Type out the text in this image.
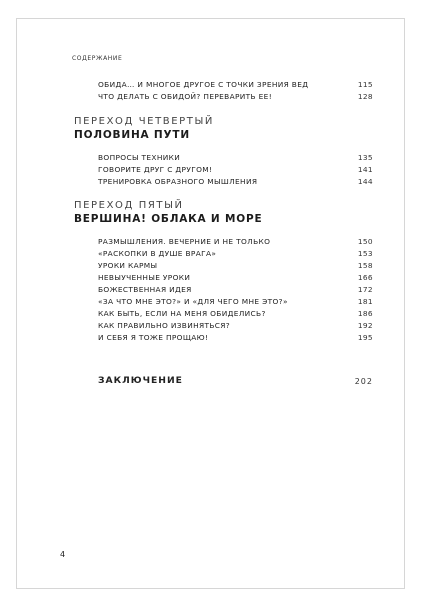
СОДЕРЖАНИЕ
ОБИДА… И МНОГОЕ ДРУГОЕ С ТОЧКИ ЗРЕНИЯ ВЕД	115
ЧТО ДЕЛАТЬ С ОБИДОЙ? ПЕРЕВАРИТЬ ЕЕ!	128
ПЕРЕХОД ЧЕТВЕРТЫЙ
ПОЛОВИНА ПУТИ
ВОПРОСЫ ТЕХНИКИ	135
ГОВОРИТЕ ДРУГ С ДРУГОМ!	141
ТРЕНИРОВКА ОБРАЗНОГО МЫШЛЕНИЯ	144
ПЕРЕХОД ПЯТЫЙ
ВЕРШИНА! ОБЛАКА И МОРЕ
РАЗМЫШЛЕНИЯ. ВЕЧЕРНИЕ И НЕ ТОЛЬКО	150
«РАСКОПКИ В ДУШЕ ВРАГА»	153
УРОКИ КАРМЫ	158
НЕВЫУЧЕННЫЕ УРОКИ	166
БОЖЕСТВЕННАЯ ИДЕЯ	172
«ЗА ЧТО МНЕ ЭТО?» И «ДЛЯ ЧЕГО МНЕ ЭТО?»	181
КАК БЫТЬ, ЕСЛИ НА МЕНЯ ОБИДЕЛИСЬ?	186
КАК ПРАВИЛЬНО ИЗВИНЯТЬСЯ?	192
И СЕБЯ Я ТОЖЕ ПРОЩАЮ!	195
ЗАКЛЮЧЕНИЕ	202
4
